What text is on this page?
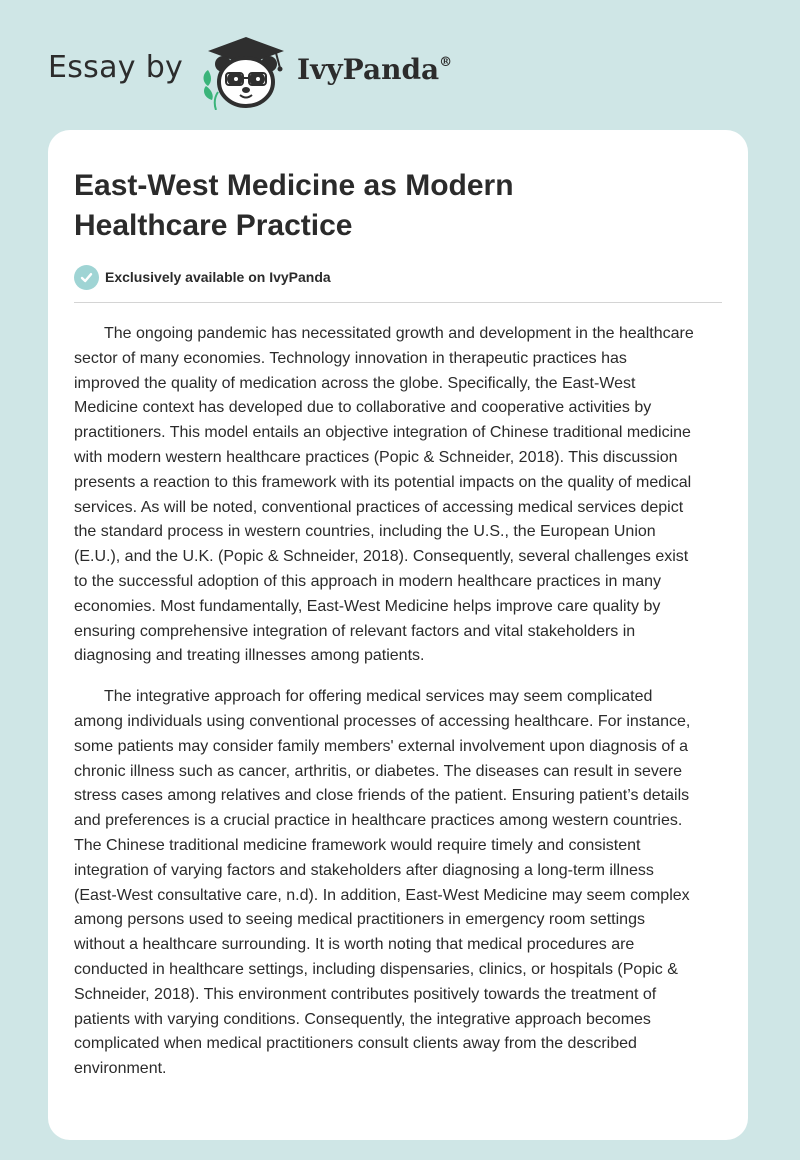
Essay by	IvyPanda®
East-West Medicine as Modern
Healthcare Practice
Exclusively available on IvyPanda

The ongoing pandemic has necessitated growth and development in the healthcare
sector of many economies. Technology innovation in therapeutic practices has
improved the quality of medication across the globe. Specifically, the East-West
Medicine context has developed due to collaborative and cooperative activities by
practitioners. This model entails an objective integration of Chinese traditional medicine
with modern western healthcare practices (Popic & Schneider, 2018). This discussion
presents a reaction to this framework with its potential impacts on the quality of medical
services. As will be noted, conventional practices of accessing medical services depict
the standard process in western countries, including the U.S., the European Union
(E.U.), and the U.K. (Popic & Schneider, 2018). Consequently, several challenges exist
to the successful adoption of this approach in modern healthcare practices in many
economies. Most fundamentally, East-West Medicine helps improve care quality by
ensuring comprehensive integration of relevant factors and vital stakeholders in
diagnosing and treating illnesses among patients.

The integrative approach for offering medical services may seem complicated
among individuals using conventional processes of accessing healthcare. For instance,
some patients may consider family members' external involvement upon diagnosis of a
chronic illness such as cancer, arthritis, or diabetes. The diseases can result in severe
stress cases among relatives and close friends of the patient. Ensuring patient’s details
and preferences is a crucial practice in healthcare practices among western countries.
The Chinese traditional medicine framework would require timely and consistent
integration of varying factors and stakeholders after diagnosing a long-term illness
(East-West consultative care, n.d). In addition, East-West Medicine may seem complex
among persons used to seeing medical practitioners in emergency room settings
without a healthcare surrounding. It is worth noting that medical procedures are
conducted in healthcare settings, including dispensaries, clinics, or hospitals (Popic &
Schneider, 2018). This environment contributes positively towards the treatment of
patients with varying conditions. Consequently, the integrative approach becomes
complicated when medical practitioners consult clients away from the described
environment.
